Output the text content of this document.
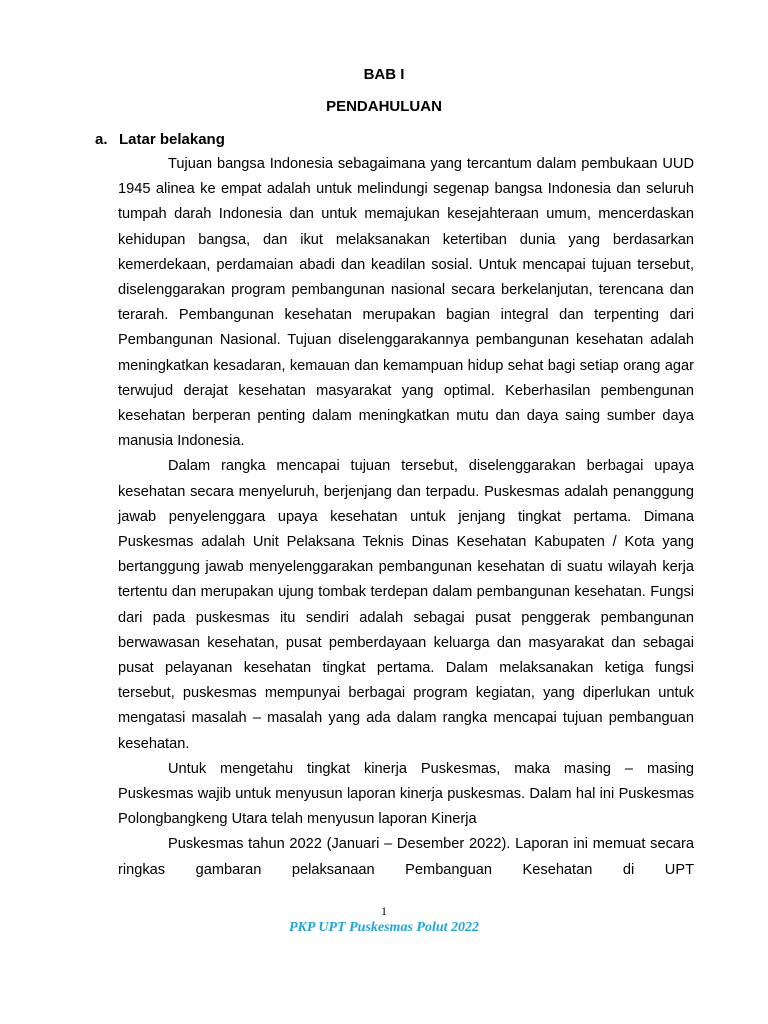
BAB I
PENDAHULUAN
a. Latar belakang

Tujuan bangsa Indonesia sebagaimana yang tercantum dalam pembukaan UUD 1945 alinea ke empat adalah untuk melindungi segenap bangsa Indonesia dan seluruh tumpah darah Indonesia dan untuk memajukan kesejahteraan umum, mencerdaskan kehidupan bangsa, dan ikut melaksanakan ketertiban dunia yang berdasarkan kemerdekaan, perdamaian abadi dan keadilan sosial. Untuk mencapai tujuan tersebut, diselenggarakan program pembangunan nasional secara berkelanjutan, terencana dan terarah. Pembangunan kesehatan merupakan bagian integral dan terpenting dari Pembangunan Nasional. Tujuan diselenggarakannya pembangunan kesehatan adalah meningkatkan kesadaran, kemauan dan kemampuan hidup sehat bagi setiap orang agar terwujud derajat kesehatan masyarakat yang optimal. Keberhasilan pembengunan kesehatan berperan penting dalam meningkatkan mutu dan daya saing sumber daya manusia Indonesia.

Dalam rangka mencapai tujuan tersebut, diselenggarakan berbagai upaya kesehatan secara menyeluruh, berjenjang dan terpadu. Puskesmas adalah penanggung jawab penyelenggara upaya kesehatan untuk jenjang tingkat pertama. Dimana Puskesmas adalah Unit Pelaksana Teknis Dinas Kesehatan Kabupaten / Kota yang bertanggung jawab menyelenggarakan pembangunan kesehatan di suatu wilayah kerja tertentu dan merupakan ujung tombak terdepan dalam pembangunan kesehatan. Fungsi dari pada puskesmas itu sendiri adalah sebagai pusat penggerak pembangunan berwawasan kesehatan, pusat pemberdayaan keluarga dan masyarakat dan sebagai pusat pelayanan kesehatan tingkat pertama. Dalam melaksanakan ketiga fungsi tersebut, puskesmas mempunyai berbagai program kegiatan, yang diperlukan untuk mengatasi masalah – masalah yang ada dalam rangka mencapai tujuan pembanguan kesehatan.

Untuk mengetahu tingkat kinerja Puskesmas, maka masing – masing Puskesmas wajib untuk menyusun laporan kinerja puskesmas. Dalam hal ini Puskesmas Polongbangkeng Utara telah menyusun laporan Kinerja

Puskesmas tahun 2022 (Januari – Desember 2022). Laporan ini memuat secara ringkas gambaran pelaksanaan Pembanguan Kesehatan di UPT

1
PKP UPT Puskesmas Polut 2022
